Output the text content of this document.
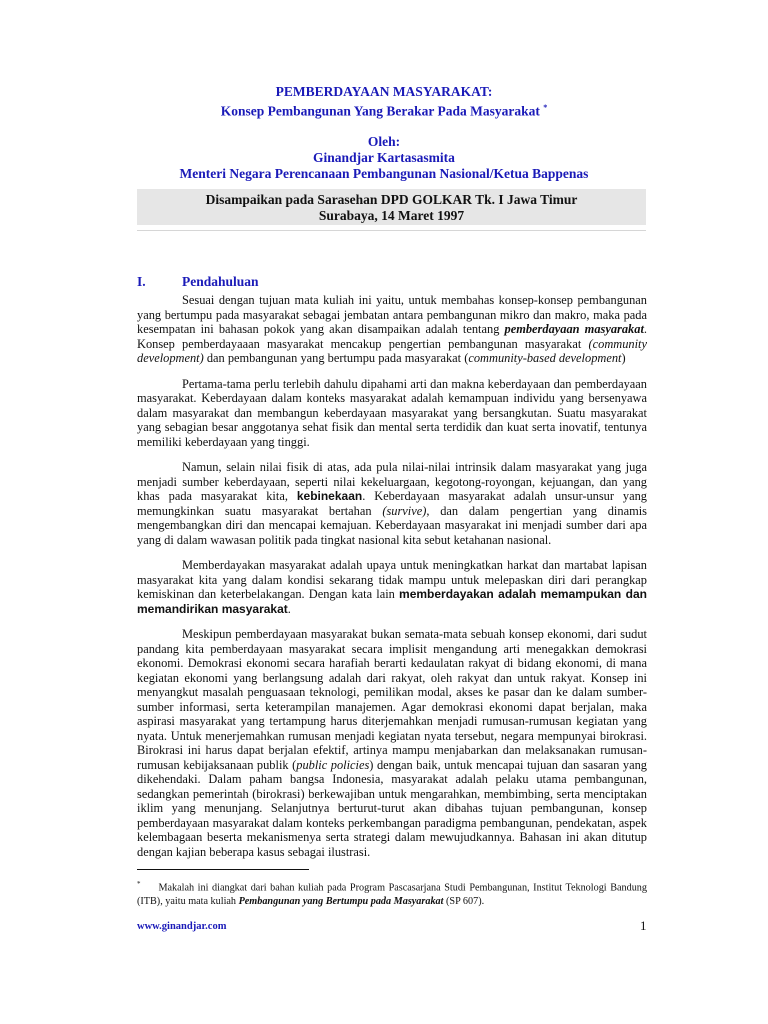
PEMBERDAYAAN MASYARAKAT:
Konsep Pembangunan Yang Berakar Pada Masyarakat *
Oleh:
Ginandjar Kartasasmita
Menteri Negara Perencanaan Pembangunan Nasional/Ketua Bappenas
Disampaikan pada Sarasehan DPD GOLKAR Tk. I Jawa Timur
Surabaya, 14 Maret 1997
I.	Pendahuluan

Sesuai dengan tujuan mata kuliah ini yaitu, untuk membahas konsep-konsep pembangunan yang bertumpu pada masyarakat sebagai jembatan antara pembangunan mikro dan makro, maka pada kesempatan ini bahasan pokok yang akan disampaikan adalah tentang pemberdayaan masyarakat. Konsep pemberdayaaan masyarakat mencakup pengertian pembangunan masyarakat (community development) dan pembangunan yang bertumpu pada masyarakat (community-based development)

Pertama-tama perlu terlebih dahulu dipahami arti dan makna keberdayaan dan pemberdayaan masyarakat. Keberdayaan dalam konteks masyarakat adalah kemampuan individu yang bersenyawa dalam masyarakat dan membangun keberdayaan masyarakat yang bersangkutan. Suatu masyarakat yang sebagian besar anggotanya sehat fisik dan mental serta terdidik dan kuat serta inovatif, tentunya memiliki keberdayaan yang tinggi.

Namun, selain nilai fisik di atas, ada pula nilai-nilai intrinsik dalam masyarakat yang juga menjadi sumber keberdayaan, seperti nilai kekeluargaan, kegotong-royongan, kejuangan, dan yang khas pada masyarakat kita, kebinekaan. Keberdayaan masyarakat adalah unsur-unsur yang memungkinkan suatu masyarakat bertahan (survive), dan dalam pengertian yang dinamis mengembangkan diri dan mencapai kemajuan. Keberdayaan masyarakat ini menjadi sumber dari apa yang di dalam wawasan politik pada tingkat nasional kita sebut ketahanan nasional.

Memberdayakan masyarakat adalah upaya untuk meningkatkan harkat dan martabat lapisan masyarakat kita yang dalam kondisi sekarang tidak mampu untuk melepaskan diri dari perangkap kemiskinan dan keterbelakangan. Dengan kata lain memberdayakan adalah memampukan dan memandirikan masyarakat.

Meskipun pemberdayaan masyarakat bukan semata-mata sebuah konsep ekonomi, dari sudut pandang kita pemberdayaan masyarakat secara implisit mengandung arti menegakkan demokrasi ekonomi. Demokrasi ekonomi secara harafiah berarti kedaulatan rakyat di bidang ekonomi, di mana kegiatan ekonomi yang berlangsung adalah dari rakyat, oleh rakyat dan untuk rakyat. Konsep ini menyangkut masalah penguasaan teknologi, pemilikan modal, akses ke pasar dan ke dalam sumber-sumber informasi, serta keterampilan manajemen. Agar demokrasi ekonomi dapat berjalan, maka aspirasi masyarakat yang tertampung harus diterjemahkan menjadi rumusan-rumusan kegiatan yang nyata. Untuk menerjemahkan rumusan menjadi kegiatan nyata tersebut, negara mempunyai birokrasi. Birokrasi ini harus dapat berjalan efektif, artinya mampu menjabarkan dan melaksanakan rumusan-rumusan kebijaksanaan publik (public policies) dengan baik, untuk mencapai tujuan dan sasaran yang dikehendaki. Dalam paham bangsa Indonesia, masyarakat adalah pelaku utama pembangunan, sedangkan pemerintah (birokrasi) berkewajiban untuk mengarahkan, membimbing, serta menciptakan iklim yang menunjang. Selanjutnya berturut-turut akan dibahas tujuan pembangunan, konsep pemberdayaan masyarakat dalam konteks perkembangan paradigma pembangunan, pendekatan, aspek kelembagaan beserta mekanismenya serta strategi dalam mewujudkannya. Bahasan ini akan ditutup dengan kajian beberapa kasus sebagai ilustrasi.

* Makalah ini diangkat dari bahan kuliah pada Program Pascasarjana Studi Pembangunan, Institut Teknologi Bandung (ITB), yaitu mata kuliah Pembangunan yang Bertumpu pada Masyarakat (SP 607).
www.ginandjar.com	1
